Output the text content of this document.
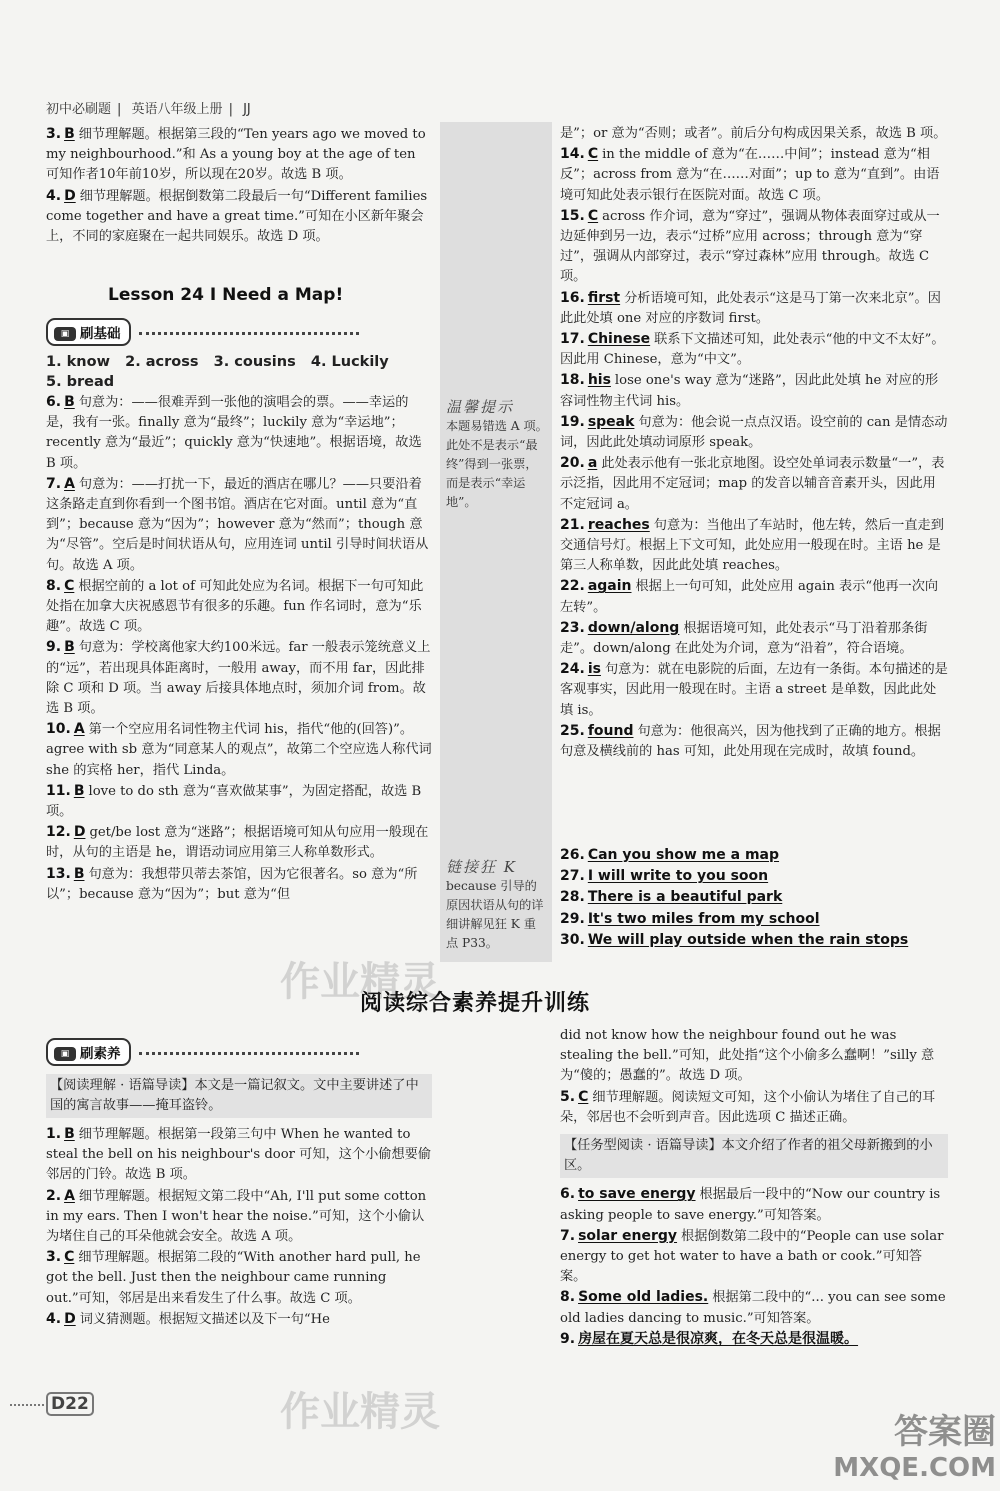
初中必刷题 | 英语八年级上册 | JJ

3. B 细节理解题。根据第三段的“Ten years ago we moved to my neighbourhood.”和 As a young boy at the age of ten 可知作者10年前10岁，所以现在20岁。故选 B 项。

4. D 细节理解题。根据倒数第二段最后一句“Different families come together and have a great time.”可知在小区新年聚会上，不同的家庭聚在一起共同娱乐。故选 D 项。

Lesson 24 I Need a Map!
▣ 刷基础
1. know   2. across   3. cousins   4. Luckily
5. bread

6. B 句意为：——很难弄到一张他的演唱会的票。——幸运的是，我有一张。finally 意为“最终”；luckily 意为“幸运地”；recently 意为“最近”；quickly 意为“快速地”。根据语境，故选 B 项。

7. A 句意为：——打扰一下，最近的酒店在哪儿？——只要沿着这条路走直到你看到一个图书馆。酒店在它对面。until 意为“直到”；because 意为“因为”；however 意为“然而”；though 意为“尽管”。空后是时间状语从句，应用连词 until 引导时间状语从句。故选 A 项。

8. C 根据空前的 a lot of 可知此处应为名词。根据下一句可知此处指在加拿大庆祝感恩节有很多的乐趣。fun 作名词时，意为“乐趣”。故选 C 项。

9. B 句意为：学校离他家大约100米远。far 一般表示笼统意义上的“远”，若出现具体距离时，一般用 away，而不用 far，因此排除 C 项和 D 项。当 away 后接具体地点时，须加介词 from。故选 B 项。

10. A 第一个空应用名词性物主代词 his，指代“他的(回答)”。agree with sb 意为“同意某人的观点”，故第二个空应选人称代词 she 的宾格 her，指代 Linda。

11. B love to do sth 意为“喜欢做某事”，为固定搭配，故选 B 项。

12. D get/be lost 意为“迷路”；根据语境可知从句应用一般现在时，从句的主语是 he，谓语动词应用第三人称单数形式。

13. B 句意为：我想带贝蒂去茶馆，因为它很著名。so 意为“所以”；because 意为“因为”；but 意为“但

温馨提示
本题易错选 A 项。此处不是表示“最终”得到一张票，而是表示“幸运地”。
链接狂 K
because 引导的原因状语从句的详细讲解见狂 K 重点 P33。

是”；or 意为“否则；或者”。前后分句构成因果关系，故选 B 项。

14. C in the middle of 意为“在……中间”；instead 意为“相反”；across from 意为“在……对面”；up to 意为“直到”。由语境可知此处表示银行在医院对面。故选 C 项。

15. C across 作介词，意为“穿过”，强调从物体表面穿过或从一边延伸到另一边，表示“过桥”应用 across；through 意为“穿过”，强调从内部穿过，表示“穿过森林”应用 through。故选 C 项。

16. first 分析语境可知，此处表示“这是马丁第一次来北京”。因此此处填 one 对应的序数词 first。

17. Chinese 联系下文描述可知，此处表示“他的中文不太好”。因此用 Chinese，意为“中文”。

18. his lose one's way 意为“迷路”，因此此处填 he 对应的形容词性物主代词 his。

19. speak 句意为：他会说一点点汉语。设空前的 can 是情态动词，因此此处填动词原形 speak。

20. a 此处表示他有一张北京地图。设空处单词表示数量“一”，表示泛指，因此用不定冠词；map 的发音以辅音音素开头，因此用不定冠词 a。

21. reaches 句意为：当他出了车站时，他左转，然后一直走到交通信号灯。根据上下文可知，此处应用一般现在时。主语 he 是第三人称单数，因此此处填 reaches。

22. again 根据上一句可知，此处应用 again 表示“他再一次向左转”。

23. down/along 根据语境可知，此处表示“马丁沿着那条街走”。down/along 在此处为介词，意为“沿着”，符合语境。

24. is 句意为：就在电影院的后面，左边有一条街。本句描述的是客观事实，因此用一般现在时。主语 a street 是单数，因此此处填 is。

25. found 句意为：他很高兴，因为他找到了正确的地方。根据句意及横线前的 has 可知，此处用现在完成时，故填 found。

26. Can you show me a map

27. I will write to you soon

28. There is a beautiful park

29. It's two miles from my school

30. We will play outside when the rain stops

阅读综合素养提升训练
▣ 刷素养
【阅读理解 · 语篇导读】本文是一篇记叙文。文中主要讲述了中国的寓言故事——掩耳盗铃。

1. B 细节理解题。根据第一段第三句中 When he wanted to steal the bell on his neighbour's door 可知，这个小偷想要偷邻居的门铃。故选 B 项。

2. A 细节理解题。根据短文第二段中“Ah, I'll put some cotton in my ears. Then I won't hear the noise.”可知，这个小偷认为堵住自己的耳朵他就会安全。故选 A 项。

3. C 细节理解题。根据第二段的“With another hard pull, he got the bell. Just then the neighbour came running out.”可知，邻居是出来看发生了什么事。故选 C 项。

4. D 词义猜测题。根据短文描述以及下一句“He

did not know how the neighbour found out he was stealing the bell.”可知，此处指“这个小偷多么蠢啊！”silly 意为“傻的；愚蠢的”。故选 D 项。

5. C 细节理解题。阅读短文可知，这个小偷认为堵住了自己的耳朵，邻居也不会听到声音。因此选项 C 描述正确。

【任务型阅读 · 语篇导读】本文介绍了作者的祖父母新搬到的小区。

6. to save energy 根据最后一段中的“Now our country is asking people to save energy.”可知答案。

7. solar energy 根据倒数第二段中的“People can use solar energy to get hot water to have a bath or cook.”可知答案。

8. Some old ladies. 根据第二段中的“... you can see some old ladies dancing to music.”可知答案。

9. 房屋在夏天总是很凉爽，在冬天总是很温暖。

D22
作业精灵
作业精灵	答案圈
MXQE.COM
